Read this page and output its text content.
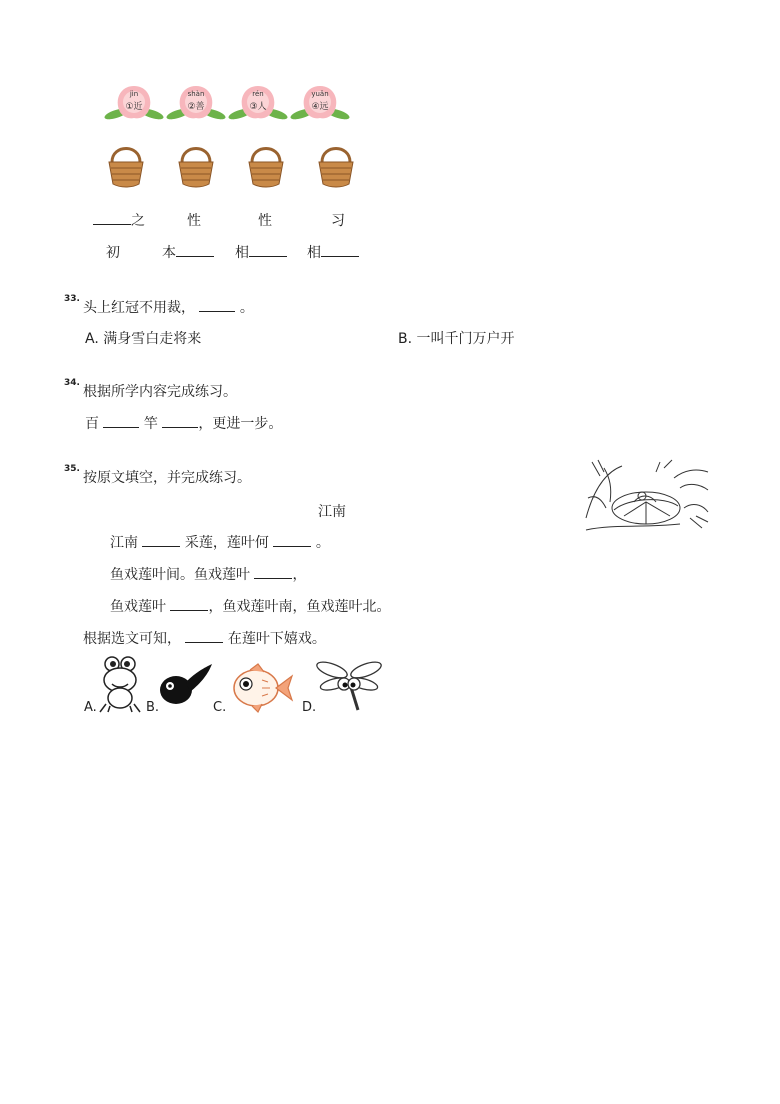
jìn
①近
shàn
②善
rén
③人
yuǎn
④远
之	性	性	习
初	本	相	相
33.
头上红冠不用裁，	。
A. 满身雪白走将来	B. 一叫千门万户开
34.
根据所学内容完成练习。
百	竿	，更进一步。
35.
按原文填空，并完成练习。
江南
江南	采莲，莲叶何	。
鱼戏莲叶间。鱼戏莲叶	，
鱼戏莲叶	，鱼戏莲叶南，鱼戏莲叶北。
根据选文可知，	在莲叶下嬉戏。
A.	B.	C.	D.
